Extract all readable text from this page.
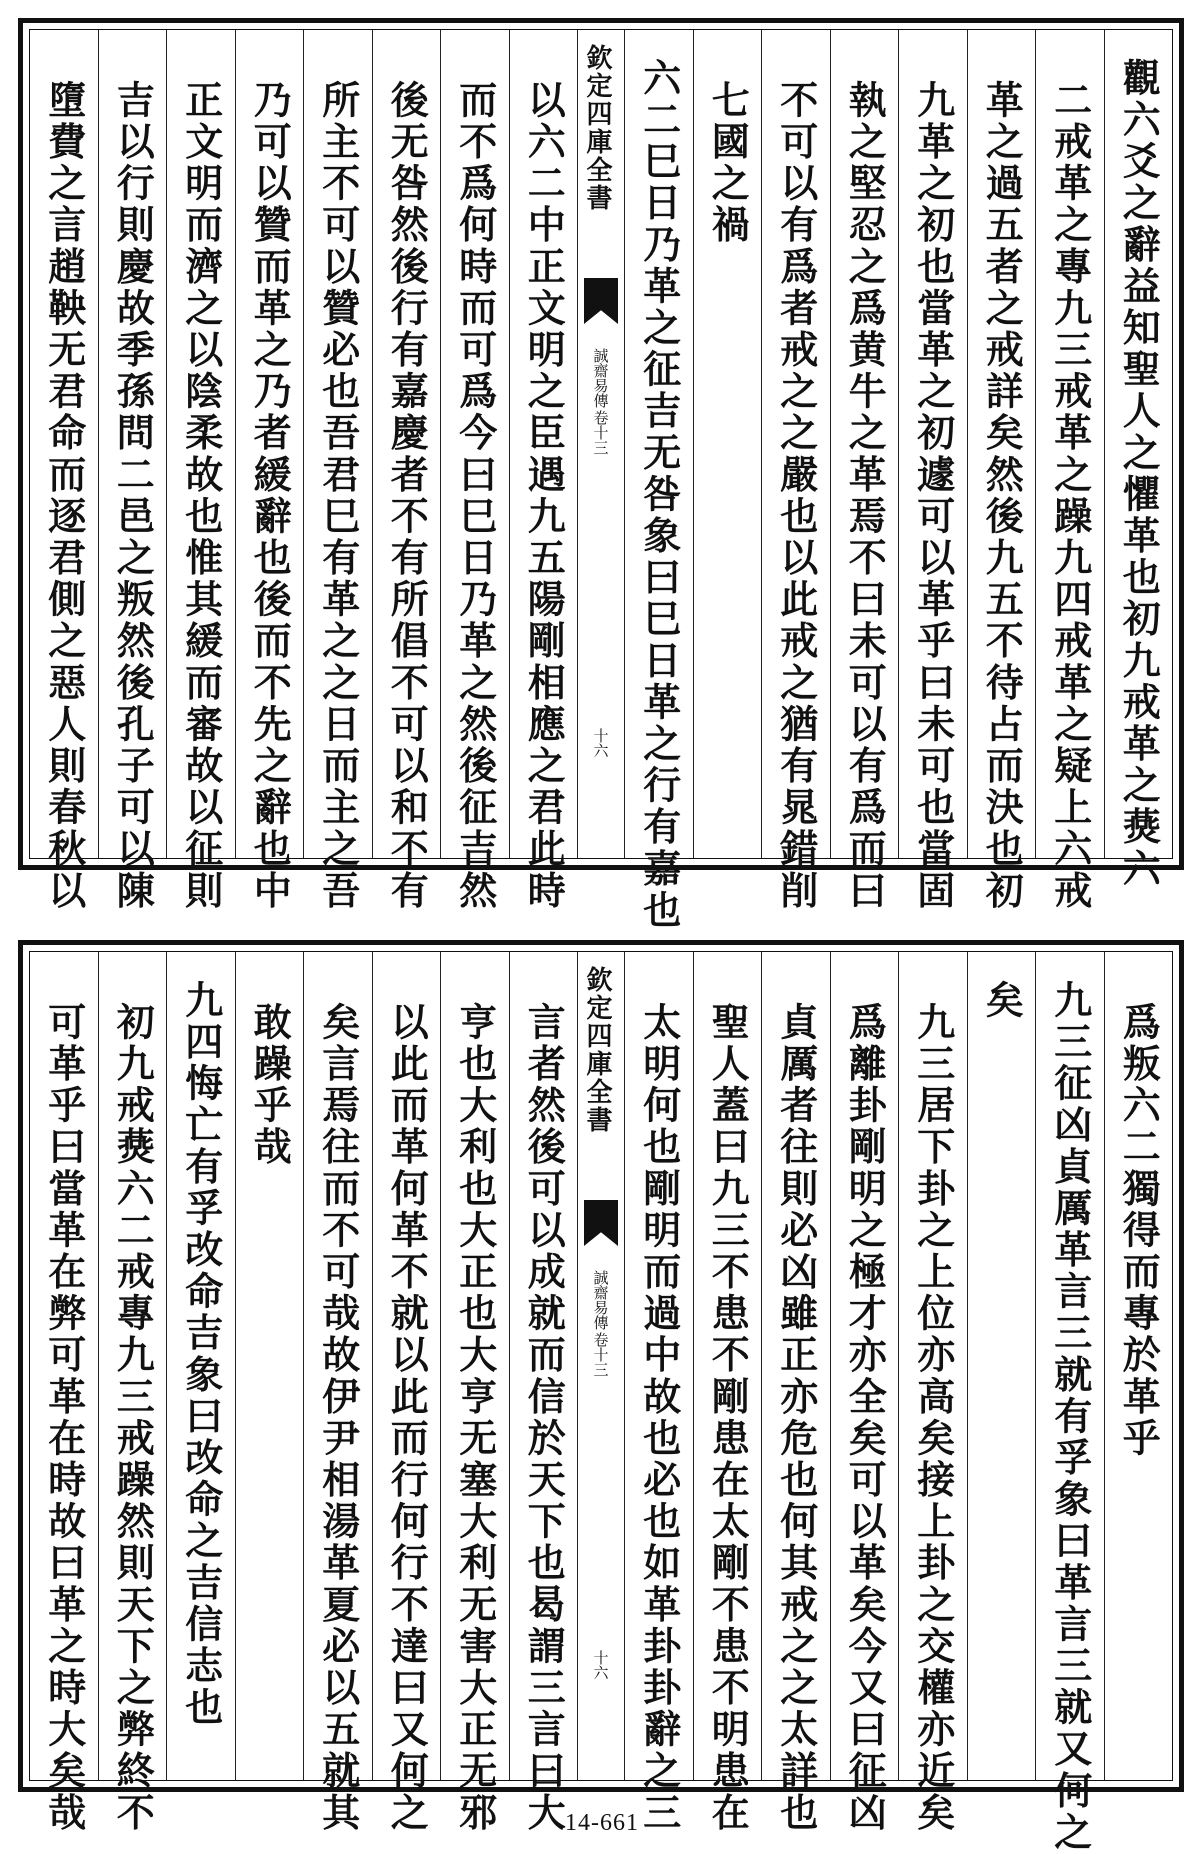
觀六爻之辭益知聖人之懼革也初九戒革之㷼六
二戒革之專九三戒革之躁九四戒革之疑上六戒
革之過五者之戒詳矣然後九五不待占而決也初
九革之初也當革之初遽可以革乎曰未可也當固
執之堅忍之爲黄牛之革焉不曰未可以有爲而曰
不可以有爲者戒之之嚴也以此戒之猶有晁錯削
七國之禍
六二巳日乃革之征吉无咎象曰巳日革之行有嘉也
欽定四庫全書
誠齋易傳
卷十三
十六
以六二中正文明之臣遇九五陽剛相應之君此時
而不爲何時而可爲今曰巳日乃革之然後征吉然
後无咎然後行有嘉慶者不有所倡不可以和不有
所主不可以贊必也吾君巳有革之之日而主之吾
乃可以贊而革之乃者緩辭也後而不先之辭也中
正文明而濟之以陰柔故也惟其緩而審故以征則
吉以行則慶故季孫問二邑之叛然後孔子可以陳
墮費之言趙鞅无君命而逐君側之惡人則春秋以
爲叛六二獨得而專於革乎
九三征凶貞厲革言三就有孚象曰革言三就又何之
矣
九三居下卦之上位亦高矣接上卦之交權亦近矣
爲離卦剛明之極才亦全矣可以革矣今又曰征凶
貞厲者往則必凶雖正亦危也何其戒之之太詳也
聖人蓋曰九三不患不剛患在太剛不患不明患在
太明何也剛明而過中故也必也如革卦卦辭之三
欽定四庫全書
誠齋易傳
卷十三
十六
言者然後可以成就而信於天下也曷謂三言曰大
亨也大利也大正也大亨无塞大利无害大正无邪
以此而革何革不就以此而行何行不達曰又何之
矣言焉往而不可哉故伊尹相湯革夏必以五就其
敢躁乎哉
九四悔亡有孚改命吉象曰改命之吉信志也
初九戒㷼六二戒專九三戒躁然則天下之㢢終不
可革乎曰當革在㢢可革在時故曰革之時大矣哉	14-661
